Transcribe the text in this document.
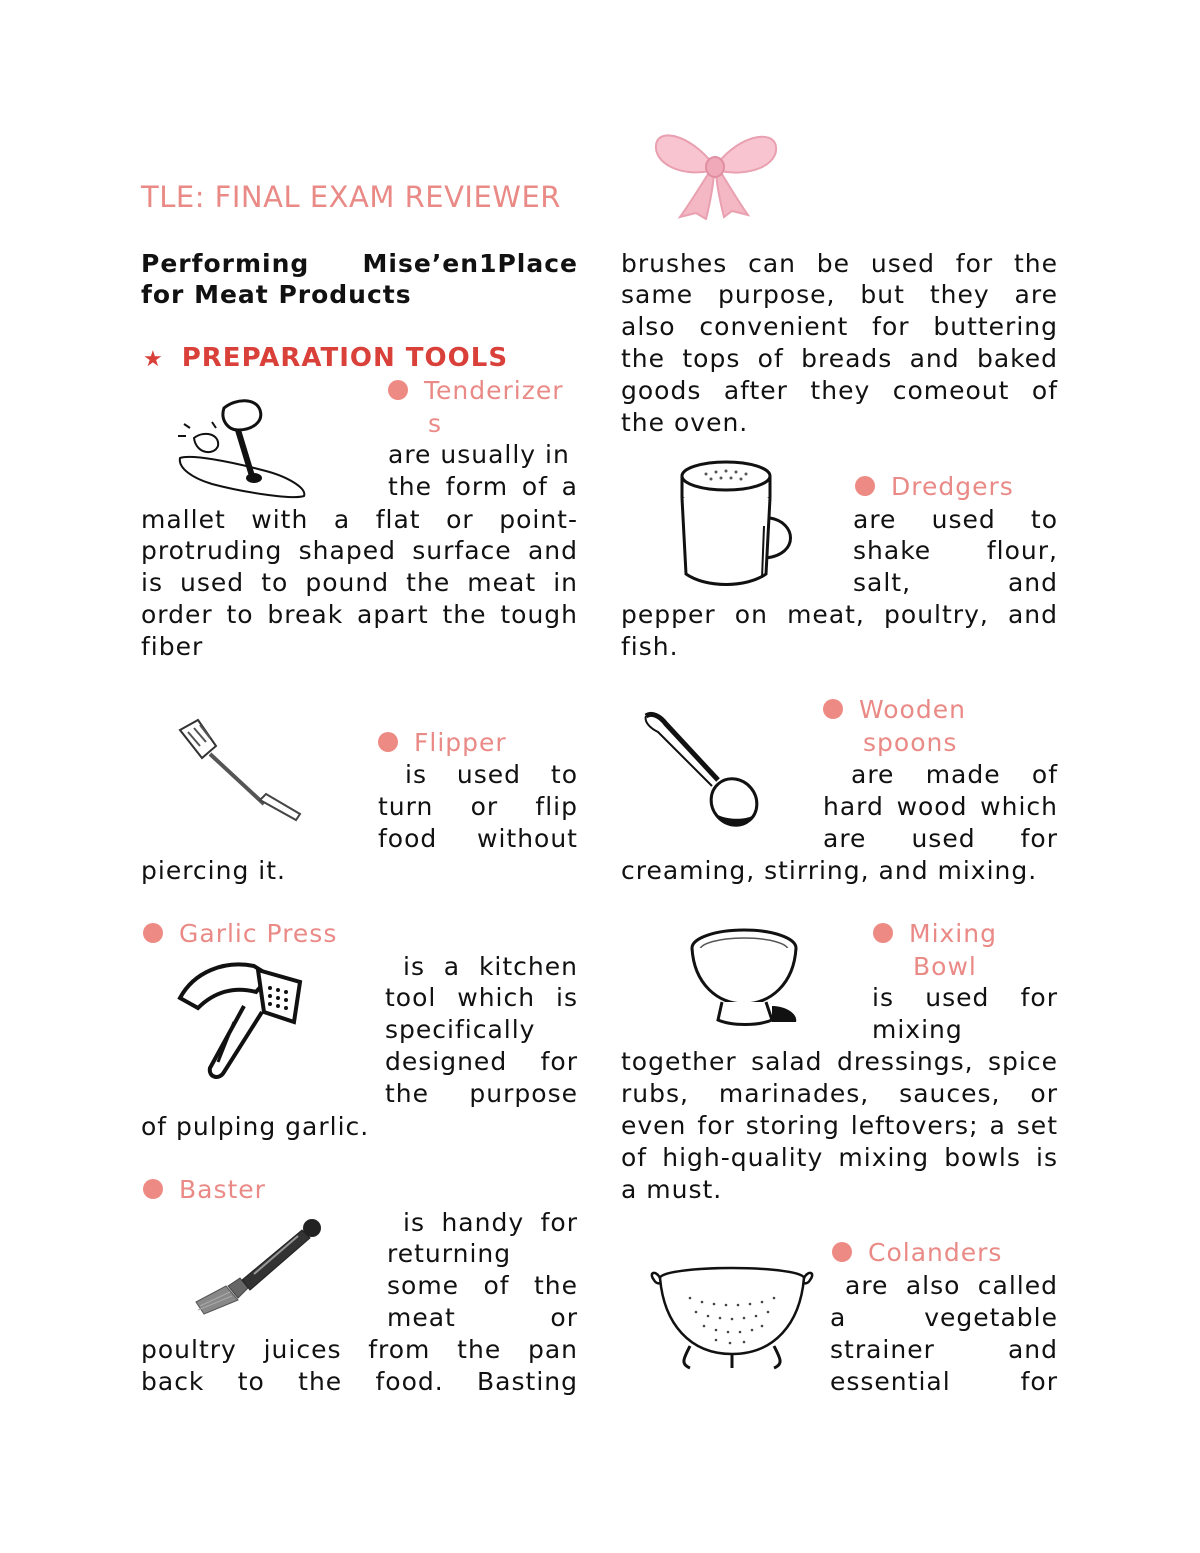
TLE: FINAL EXAM REVIEWER
Performing Mise’en1Place
for Meat Products
★ PREPARATION TOOLS
Tenderizer
s
are usually in
the form of a
mallet with a flat or point-
protruding shaped surface and
is used to pound the meat in
order to break apart the tough
fiber
Flipper
is used to
turn or flip
food without
piercing it.
Garlic Press
is a kitchen
tool which is
specifically
designed for
the purpose
of pulping garlic.
Baster
is handy for
returning
some of the
meat or
poultry juices from the pan
back to the food. Basting
brushes can be used for the
same purpose, but they are
also convenient for buttering
the tops of breads and baked
goods after they comeout of
the oven.
Dredgers
are used to
shake flour,
salt, and
pepper on meat, poultry, and
fish.
Wooden
spoons
are made of
hard wood which
are used for
creaming, stirring, and mixing.
Mixing
Bowl
is used for
mixing
together salad dressings, spice
rubs, marinades, sauces, or
even for storing leftovers; a set
of high-quality mixing bowls is
a must.
Colanders
are also called
a vegetable
strainer and
essential for
